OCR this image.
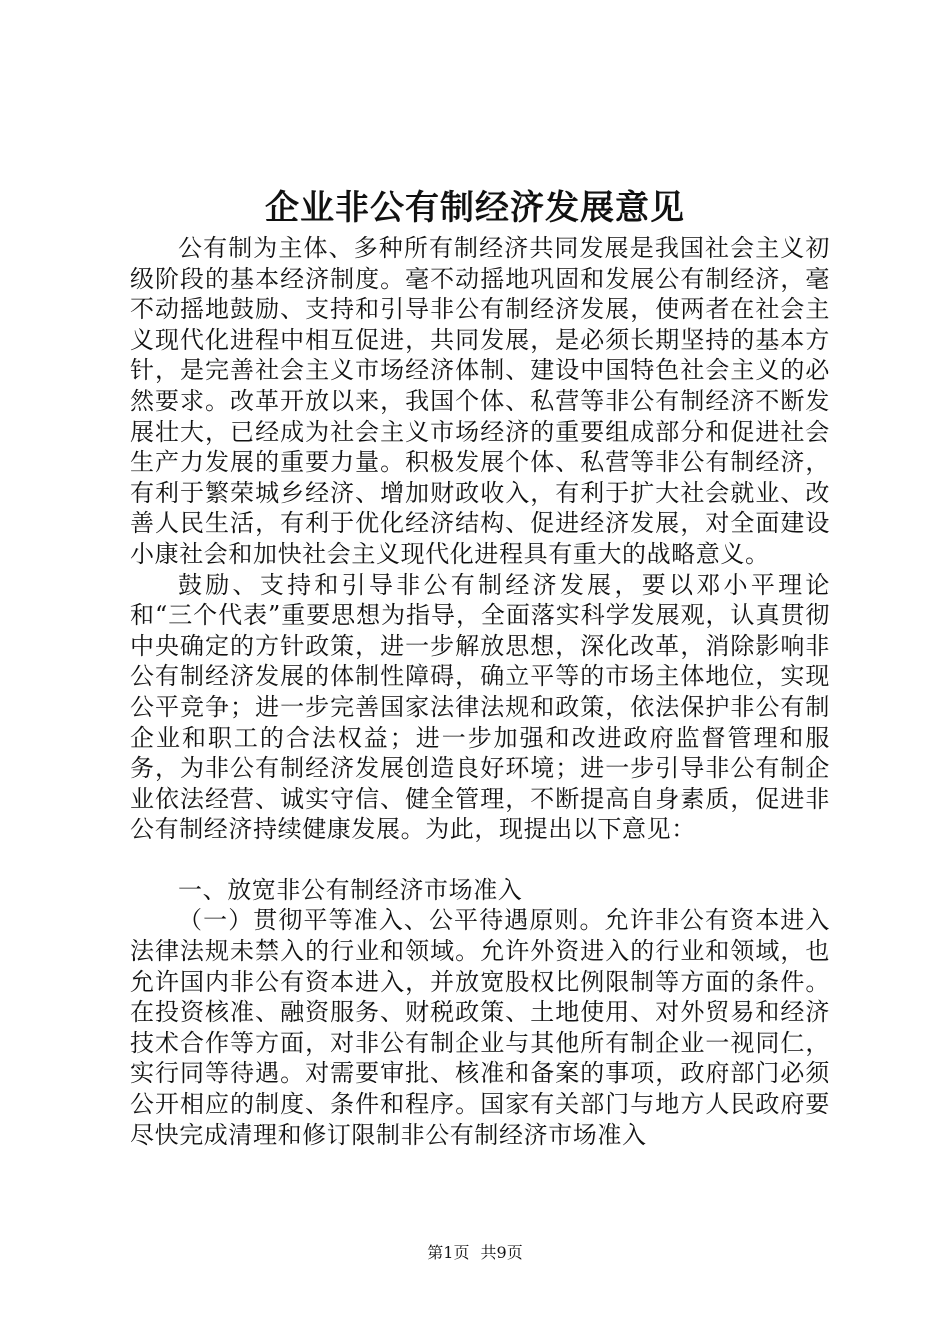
企业非公有制经济发展意见

公有制为主体、多种所有制经济共同发展是我国社会主义初级阶段的基本经济制度。毫不动摇地巩固和发展公有制经济，毫不动摇地鼓励、支持和引导非公有制经济发展，使两者在社会主义现代化进程中相互促进，共同发展，是必须长期坚持的基本方针，是完善社会主义市场经济体制、建设中国特色社会主义的必然要求。改革开放以来，我国个体、私营等非公有制经济不断发展壮大，已经成为社会主义市场经济的重要组成部分和促进社会生产力发展的重要力量。积极发展个体、私营等非公有制经济，有利于繁荣城乡经济、增加财政收入，有利于扩大社会就业、改善人民生活，有利于优化经济结构、促进经济发展，对全面建设小康社会和加快社会主义现代化进程具有重大的战略意义。

鼓励、支持和引导非公有制经济发展，要以邓小平理论和“三个代表”重要思想为指导，全面落实科学发展观，认真贯彻中央确定的方针政策，进一步解放思想，深化改革，消除影响非公有制经济发展的体制性障碍，确立平等的市场主体地位，实现公平竞争；进一步完善国家法律法规和政策，依法保护非公有制企业和职工的合法权益；进一步加强和改进政府监督管理和服务，为非公有制经济发展创造良好环境；进一步引导非公有制企业依法经营、诚实守信、健全管理，不断提高自身素质，促进非公有制经济持续健康发展。为此，现提出以下意见：

一、放宽非公有制经济市场准入

（一）贯彻平等准入、公平待遇原则。允许非公有资本进入法律法规未禁入的行业和领域。允许外资进入的行业和领域，也允许国内非公有资本进入，并放宽股权比例限制等方面的条件。在投资核准、融资服务、财税政策、土地使用、对外贸易和经济技术合作等方面，对非公有制企业与其他所有制企业一视同仁，实行同等待遇。对需要审批、核准和备案的事项，政府部门必须公开相应的制度、条件和程序。国家有关部门与地方人民政府要尽快完成清理和修订限制非公有制经济市场准入

第1页 共9页
